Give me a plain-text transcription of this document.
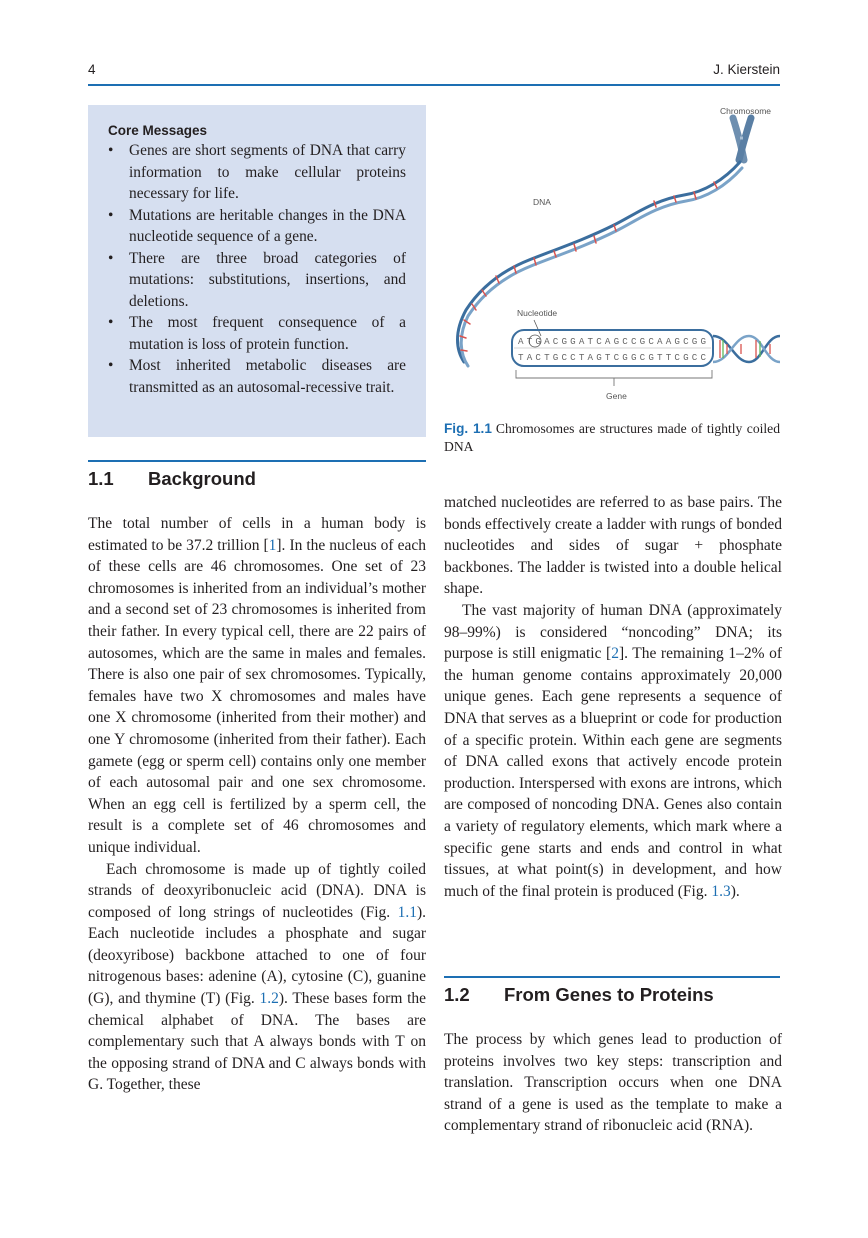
4	J. Kierstein
Core Messages
• Genes are short segments of DNA that carry information to make cellular proteins necessary for life.
• Mutations are heritable changes in the DNA nucleotide sequence of a gene.
• There are three broad categories of mutations: substitutions, insertions, and deletions.
• The most frequent consequence of a mutation is loss of protein function.
• Most inherited metabolic diseases are transmitted as an autosomal-recessive trait.
Chromosome
DNA
Nucleotide
ATGACGGATCAGCCGCAAGCGG
TACTGCCTAGTCGGCGTTCGCC
Gene
Fig. 1.1 Chromosomes are structures made of tightly coiled DNA
1.1 Background

The total number of cells in a human body is estimated to be 37.2 trillion [1]. In the nucleus of each of these cells are 46 chromosomes. One set of 23 chromosomes is inherited from an individual’s mother and a second set of 23 chromosomes is inherited from their father. In every typical cell, there are 22 pairs of autosomes, which are the same in males and females. There is also one pair of sex chromosomes. Typically, females have two X chromosomes and males have one X chromosome (inherited from their mother) and one Y chromosome (inherited from their father). Each gamete (egg or sperm cell) contains only one member of each autosomal pair and one sex chromosome. When an egg cell is fertilized by a sperm cell, the result is a complete set of 46 chromosomes and unique individual.

Each chromosome is made up of tightly coiled strands of deoxyribonucleic acid (DNA). DNA is composed of long strings of nucleotides (Fig. 1.1). Each nucleotide includes a phosphate and sugar (deoxyribose) backbone attached to one of four nitrogenous bases: adenine (A), cytosine (C), guanine (G), and thymine (T) (Fig. 1.2). These bases form the chemical alphabet of DNA. The bases are complementary such that A always bonds with T on the opposing strand of DNA and C always bonds with G. Together, these

matched nucleotides are referred to as base pairs. The bonds effectively create a ladder with rungs of bonded nucleotides and sides of sugar + phosphate backbones. The ladder is twisted into a double helical shape.

The vast majority of human DNA (approximately 98–99%) is considered “noncoding” DNA; its purpose is still enigmatic [2]. The remaining 1–2% of the human genome contains approximately 20,000 unique genes. Each gene represents a sequence of DNA that serves as a blueprint or code for production of a specific protein. Within each gene are segments of DNA called exons that actively encode protein production. Interspersed with exons are introns, which are composed of noncoding DNA. Genes also contain a variety of regulatory elements, which mark where a specific gene starts and ends and control in what tissues, at what point(s) in development, and how much of the final protein is produced (Fig. 1.3).

1.2 From Genes to Proteins

The process by which genes lead to production of proteins involves two key steps: transcription and translation. Transcription occurs when one DNA strand of a gene is used as the template to make a complementary strand of ribonucleic acid (RNA).
